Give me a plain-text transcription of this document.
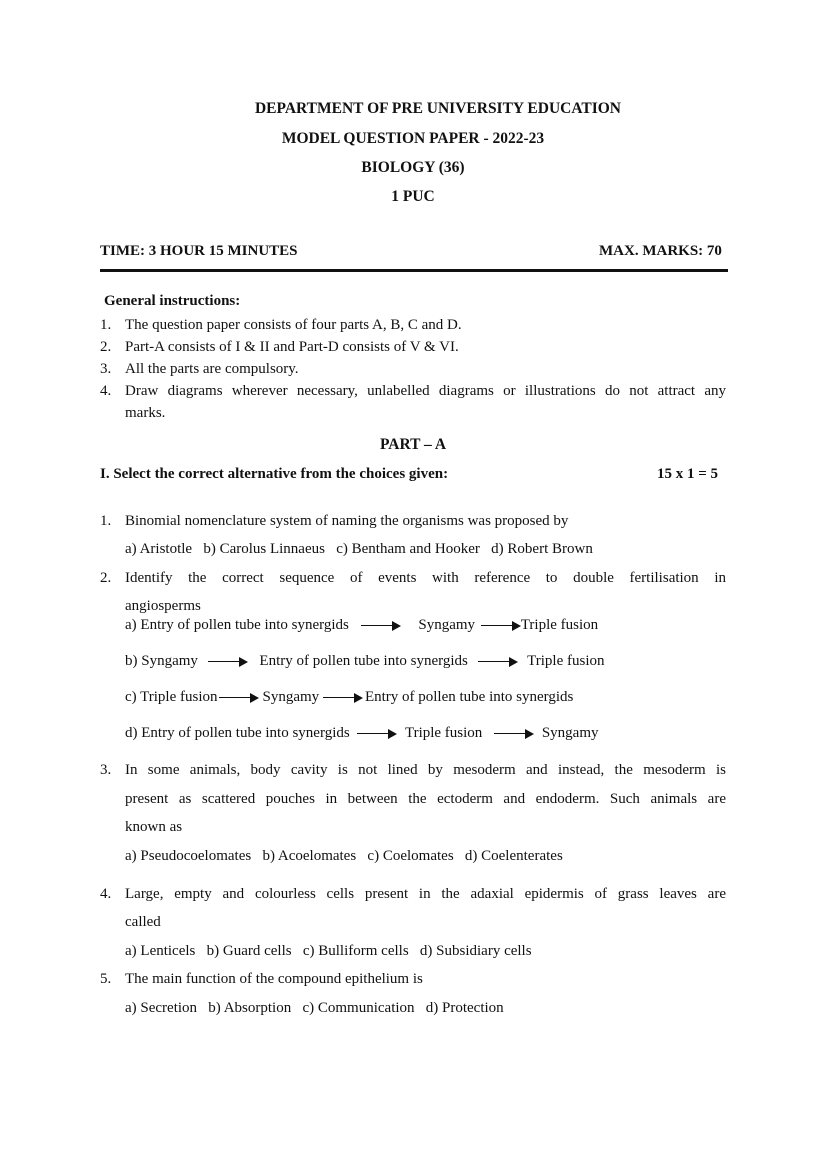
DEPARTMENT OF PRE UNIVERSITY EDUCATION
MODEL QUESTION PAPER - 2022-23
BIOLOGY (36)
1 PUC
TIME: 3 HOUR 15 MINUTES	MAX. MARKS: 70
General instructions:
1. The question paper consists of four parts A, B, C and D.
2. Part-A consists of I & II and Part-D consists of V & VI.
3. All the parts are compulsory.
4. Draw diagrams wherever necessary, unlabelled diagrams or illustrations do not attract any
marks.
PART – A
I. Select the correct alternative from the choices given:	15 x 1 = 5
1. Binomial nomenclature system of naming the organisms was proposed by
a) Aristotle   b) Carolus Linnaeus   c) Bentham and Hooker   d) Robert Brown
2. Identify the correct sequence of events with reference to double fertilisation in
angiosperms
a) Entry of pollen tube into synergids	Syngamy	Triple fusion
b) Syngamy	Entry of pollen tube into synergids	Triple fusion
c) Triple fusion	Syngamy	Entry of pollen tube into synergids
d) Entry of pollen tube into synergids	Triple fusion	Syngamy
3. In some animals, body cavity is not lined by mesoderm and instead, the mesoderm is
present as scattered pouches in between the ectoderm and endoderm. Such animals are
known as
a) Pseudocoelomates   b) Acoelomates   c) Coelomates   d) Coelenterates
4. Large, empty and colourless cells present in the adaxial epidermis of grass leaves are
called
a) Lenticels   b) Guard cells   c) Bulliform cells   d) Subsidiary cells
5. The main function of the compound epithelium is
a) Secretion   b) Absorption   c) Communication   d) Protection
